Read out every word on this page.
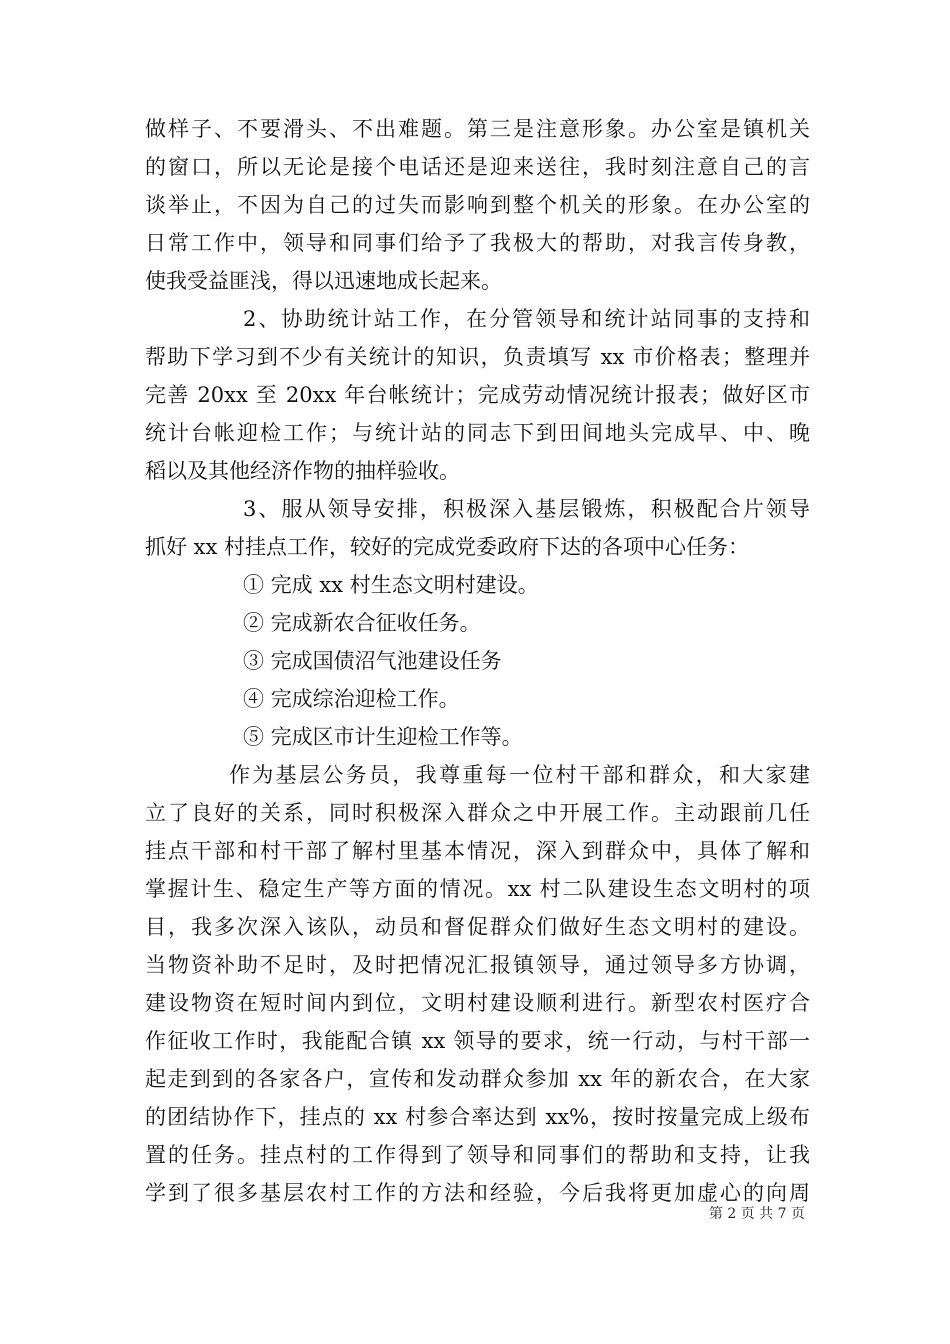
做样子、不要滑头、不出难题。第三是注意形象。办公室是镇机关
的窗口，所以无论是接个电话还是迎来送往，我时刻注意自己的言
谈举止，不因为自己的过失而影响到整个机关的形象。在办公室的
日常工作中，领导和同事们给予了我极大的帮助，对我言传身教，
使我受益匪浅，得以迅速地成长起来。
2、协助统计站工作，在分管领导和统计站同事的支持和
帮助下学习到不少有关统计的知识，负责填写 xx 市价格表；整理并
完善 20xx 至 20xx 年台帐统计；完成劳动情况统计报表；做好区市
统计台帐迎检工作；与统计站的同志下到田间地头完成早、中、晚
稻以及其他经济作物的抽样验收。
3、服从领导安排，积极深入基层锻炼，积极配合片领导
抓好 xx 村挂点工作，较好的完成党委政府下达的各项中心任务：
① 完成 xx 村生态文明村建设。
② 完成新农合征收任务。
③ 完成国债沼气池建设任务
④ 完成综治迎检工作。
⑤ 完成区市计生迎检工作等。
作为基层公务员，我尊重每一位村干部和群众，和大家建
立了良好的关系，同时积极深入群众之中开展工作。主动跟前几任
挂点干部和村干部了解村里基本情况，深入到群众中，具体了解和
掌握计生、稳定生产等方面的情况。xx 村二队建设生态文明村的项
目，我多次深入该队，动员和督促群众们做好生态文明村的建设。
当物资补助不足时，及时把情况汇报镇领导，通过领导多方协调，
建设物资在短时间内到位，文明村建设顺利进行。新型农村医疗合
作征收工作时，我能配合镇 xx 领导的要求，统一行动，与村干部一
起走到到的各家各户，宣传和发动群众参加 xx 年的新农合，在大家
的团结协作下，挂点的 xx 村参合率达到 xx%，按时按量完成上级布
置的任务。挂点村的工作得到了领导和同事们的帮助和支持，让我
学到了很多基层农村工作的方法和经验，今后我将更加虚心的向周
第 2 页 共 7 页
